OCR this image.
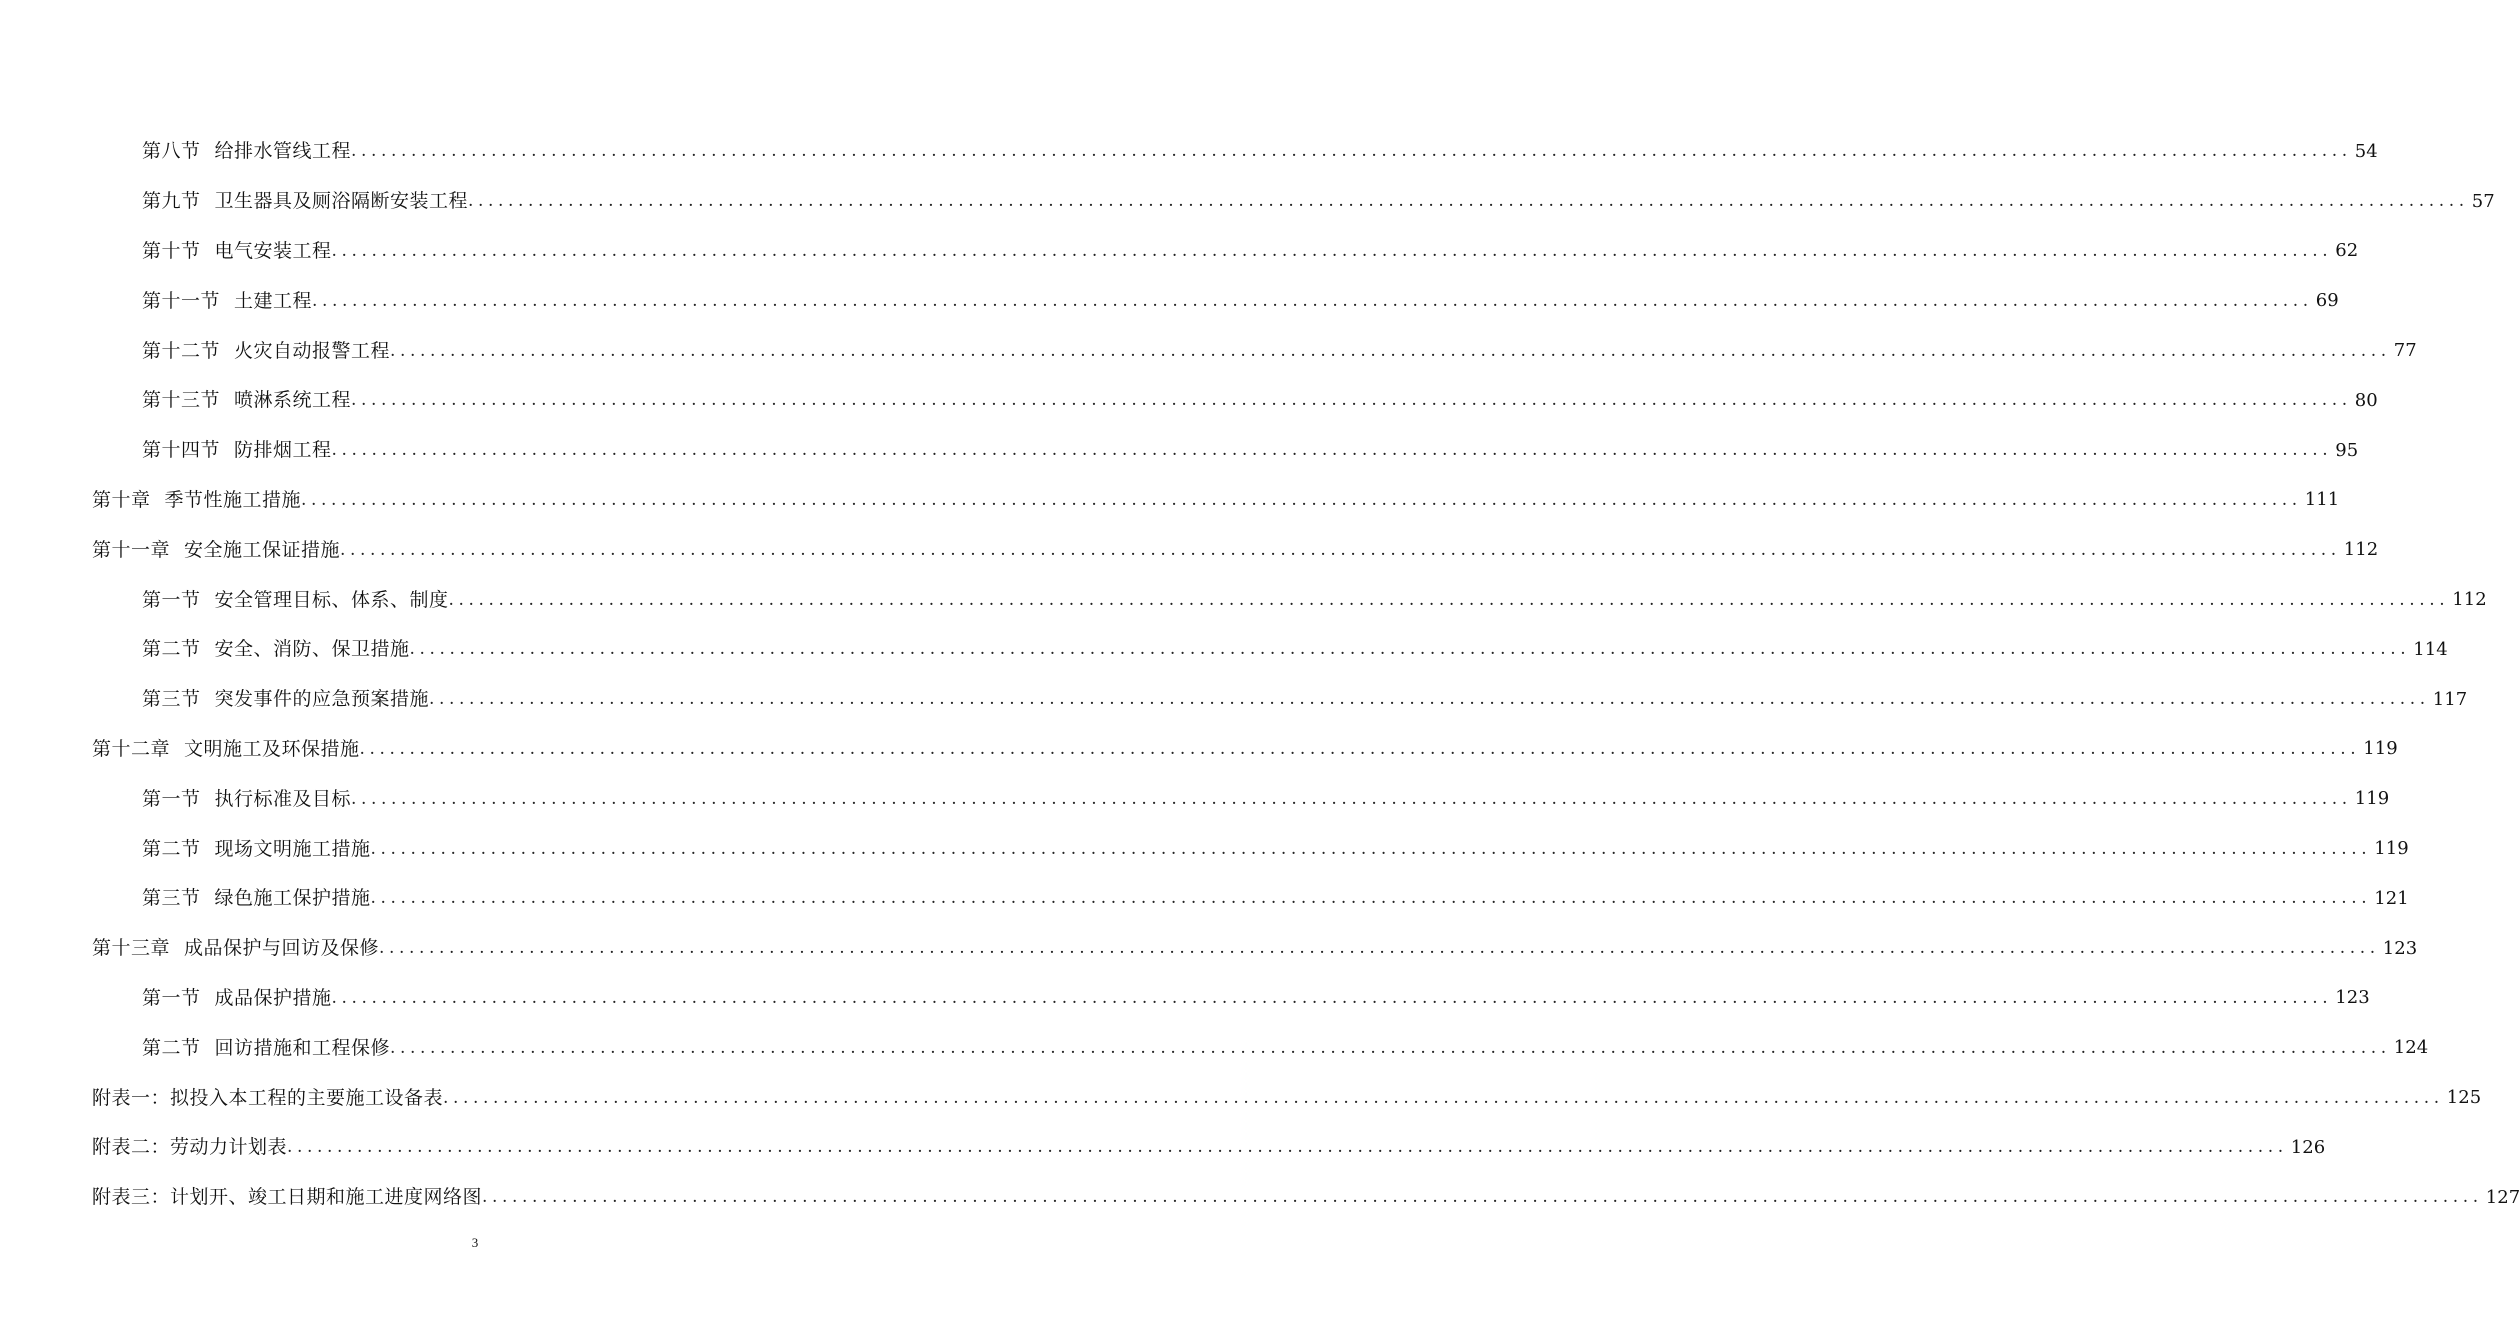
第八节 给排水管线工程 ........................................................................................................................................................................................................ 54
第九节 卫生器具及厕浴隔断安装工程 ........................................................................................................................................................................................................ 57
第十节 电气安装工程 ........................................................................................................................................................................................................ 62
第十一节 土建工程 ........................................................................................................................................................................................................ 69
第十二节 火灾自动报警工程 ........................................................................................................................................................................................................ 77
第十三节 喷淋系统工程 ........................................................................................................................................................................................................ 80
第十四节 防排烟工程 ........................................................................................................................................................................................................ 95
第十章 季节性施工措施 ........................................................................................................................................................................................................ 111
第十一章 安全施工保证措施 ........................................................................................................................................................................................................ 112
第一节 安全管理目标、体系、制度 ........................................................................................................................................................................................................ 112
第二节 安全、消防、保卫措施 ........................................................................................................................................................................................................ 114
第三节 突发事件的应急预案措施 ........................................................................................................................................................................................................ 117
第十二章 文明施工及环保措施 ........................................................................................................................................................................................................ 119
第一节 执行标准及目标 ........................................................................................................................................................................................................ 119
第二节 现场文明施工措施 ........................................................................................................................................................................................................ 119
第三节 绿色施工保护措施 ........................................................................................................................................................................................................ 121
第十三章 成品保护与回访及保修 ........................................................................................................................................................................................................ 123
第一节 成品保护措施 ........................................................................................................................................................................................................ 123
第二节 回访措施和工程保修 ........................................................................................................................................................................................................ 124
附表一：拟投入本工程的主要施工设备表 ........................................................................................................................................................................................................ 125
附表二：劳动力计划表 ........................................................................................................................................................................................................ 126
附表三：计划开、竣工日期和施工进度网络图 ........................................................................................................................................................................................................ 127
3
